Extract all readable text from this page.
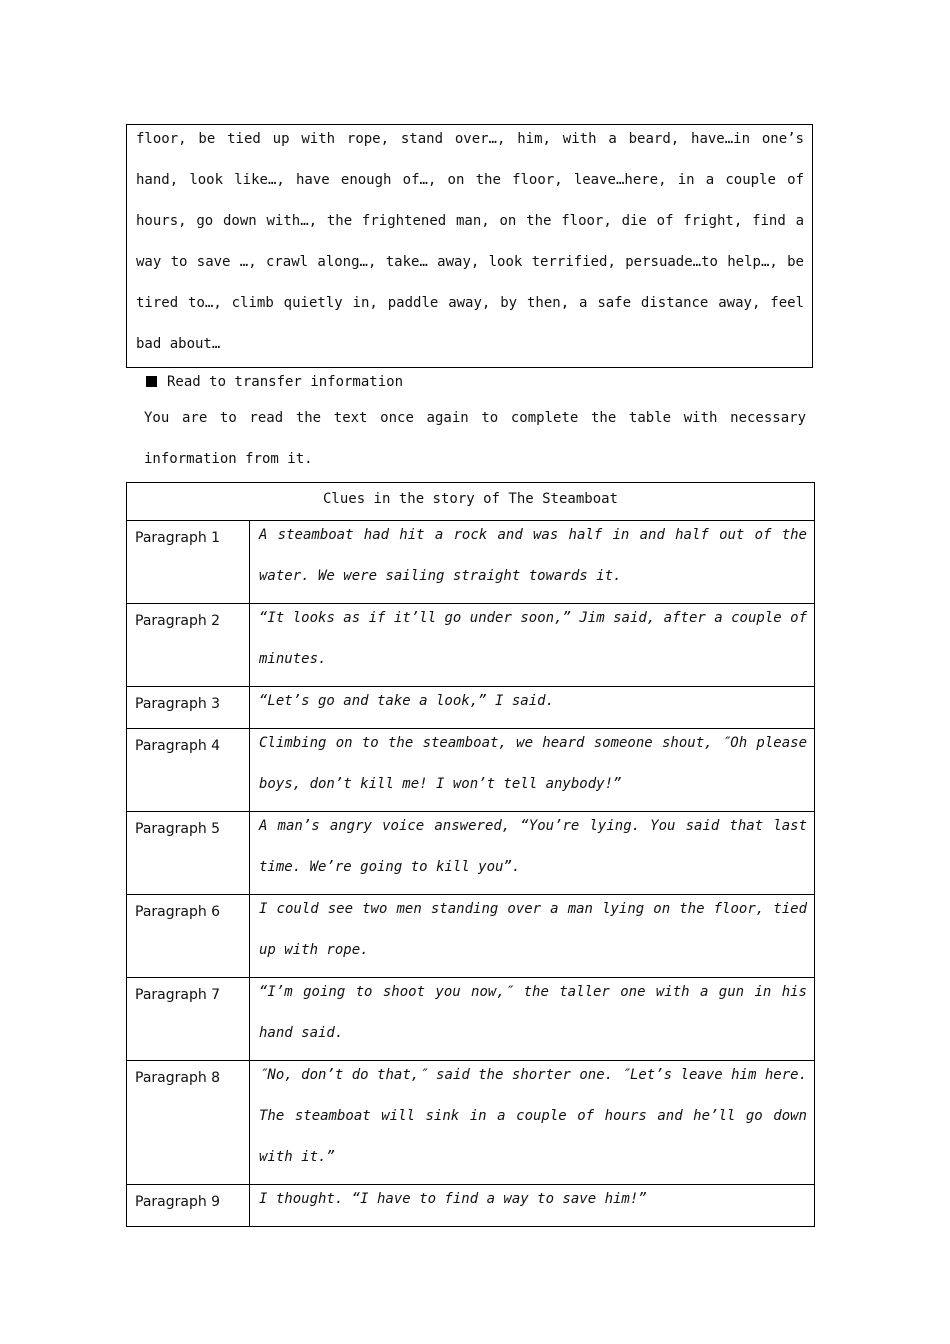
floor, be tied up with rope, stand over…, him, with a beard, have…in one’s hand, look like…, have enough of…, on the floor, leave…here, in a couple of hours, go down with…, the frightened man, on the floor, die of fright, find a way to save …, crawl along…, take… away, look terrified, persuade…to help…, be tired to…, climb quietly in, paddle away, by then, a safe distance away, feel bad about…

Read to transfer information
You are to read the text once again to complete the table with necessary information from it.
Clues in the story of The Steamboat	
Paragraph 1	A steamboat had hit a rock and was half in and half out of the water. We were sailing straight towards it.

Paragraph 2	“It looks as if it’ll go under soon,” Jim said, after a couple of minutes.

Paragraph 3	“Let’s go and take a look,” I said.

Paragraph 4	Climbing on to the steamboat, we heard someone shout, ″Oh please boys, don’t kill me! I won’t tell anybody!”

Paragraph 5	A man’s angry voice answered, “You’re lying. You said that last time. We’re going to kill you”.

Paragraph 6	I could see two men standing over a man lying on the floor, tied up with rope.

Paragraph 7	“I’m going to shoot you now,″ the taller one with a gun in his hand said.

Paragraph 8	″No, don’t do that,″ said the shorter one. ″Let’s leave him here. The steamboat will sink in a couple of hours and he’ll go down with it.”

Paragraph 9	I thought. “I have to find a way to save him!”
